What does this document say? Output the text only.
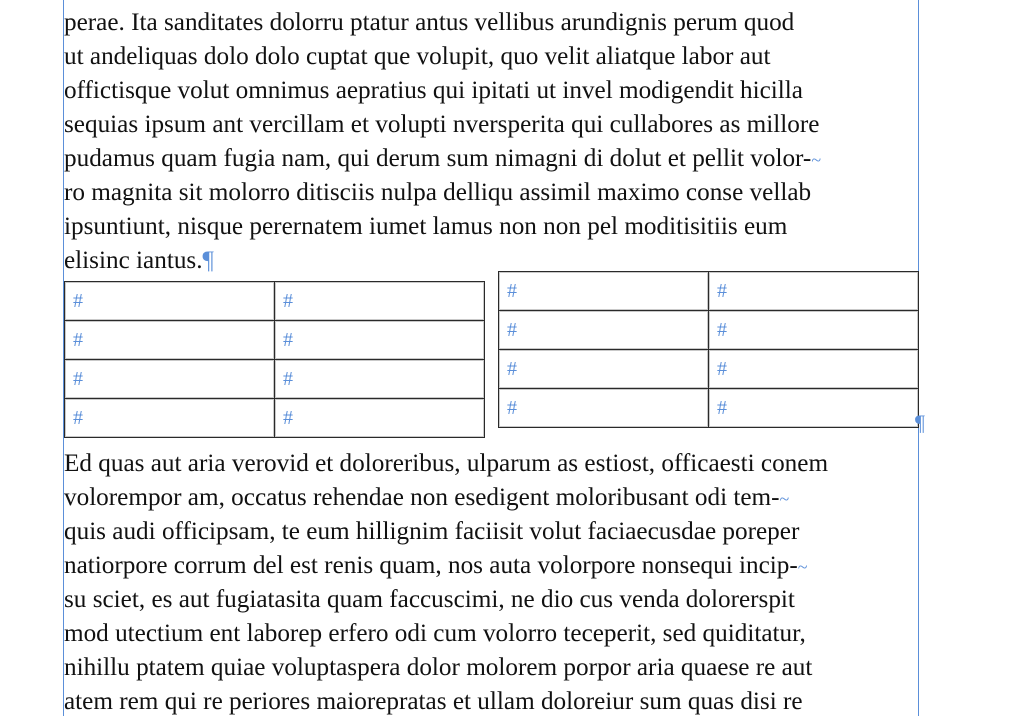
perae. Ita sanditates dolorru ptatur antus vellibus arundignis perum quod
ut andeliquas dolo dolo cuptat que volupit, quo velit aliatque labor aut
offictisque volut omnimus aepratius qui ipitati ut invel modigendit hicilla
sequias ipsum ant vercillam et volupti nversperita qui cullabores as millore
pudamus quam fugia nam, qui derum sum nimagni di dolut et pellit volor-~
ro magnita sit molorro ditisciis nulpa delliqu assimil maximo conse vellab
ipsuntiunt, nisque perernatem iumet lamus non non pel moditisitiis eum
elisinc iantus.¶
#	#
#	#
#	#
#	#
#	#
#	#
#	#
#	#
¶
Ed quas aut aria verovid et doloreribus, ulparum as estiost, officaesti conem
volorempor am, occatus rehendae non esedigent moloribusant odi tem-~
quis audi officipsam, te eum hillignim faciisit volut faciaecusdae poreper
natiorpore corrum del est renis quam, nos auta volorpore nonsequi incip-~
su sciet, es aut fugiatasita quam faccuscimi, ne dio cus venda dolorerspit
mod utectium ent laborep erfero odi cum volorro teceperit, sed quiditatur,
nihillu ptatem quiae voluptaspera dolor molorem porpor aria quaese re aut
atem rem qui re periores maiorepratas et ullam doloreiur sum quas disi re
